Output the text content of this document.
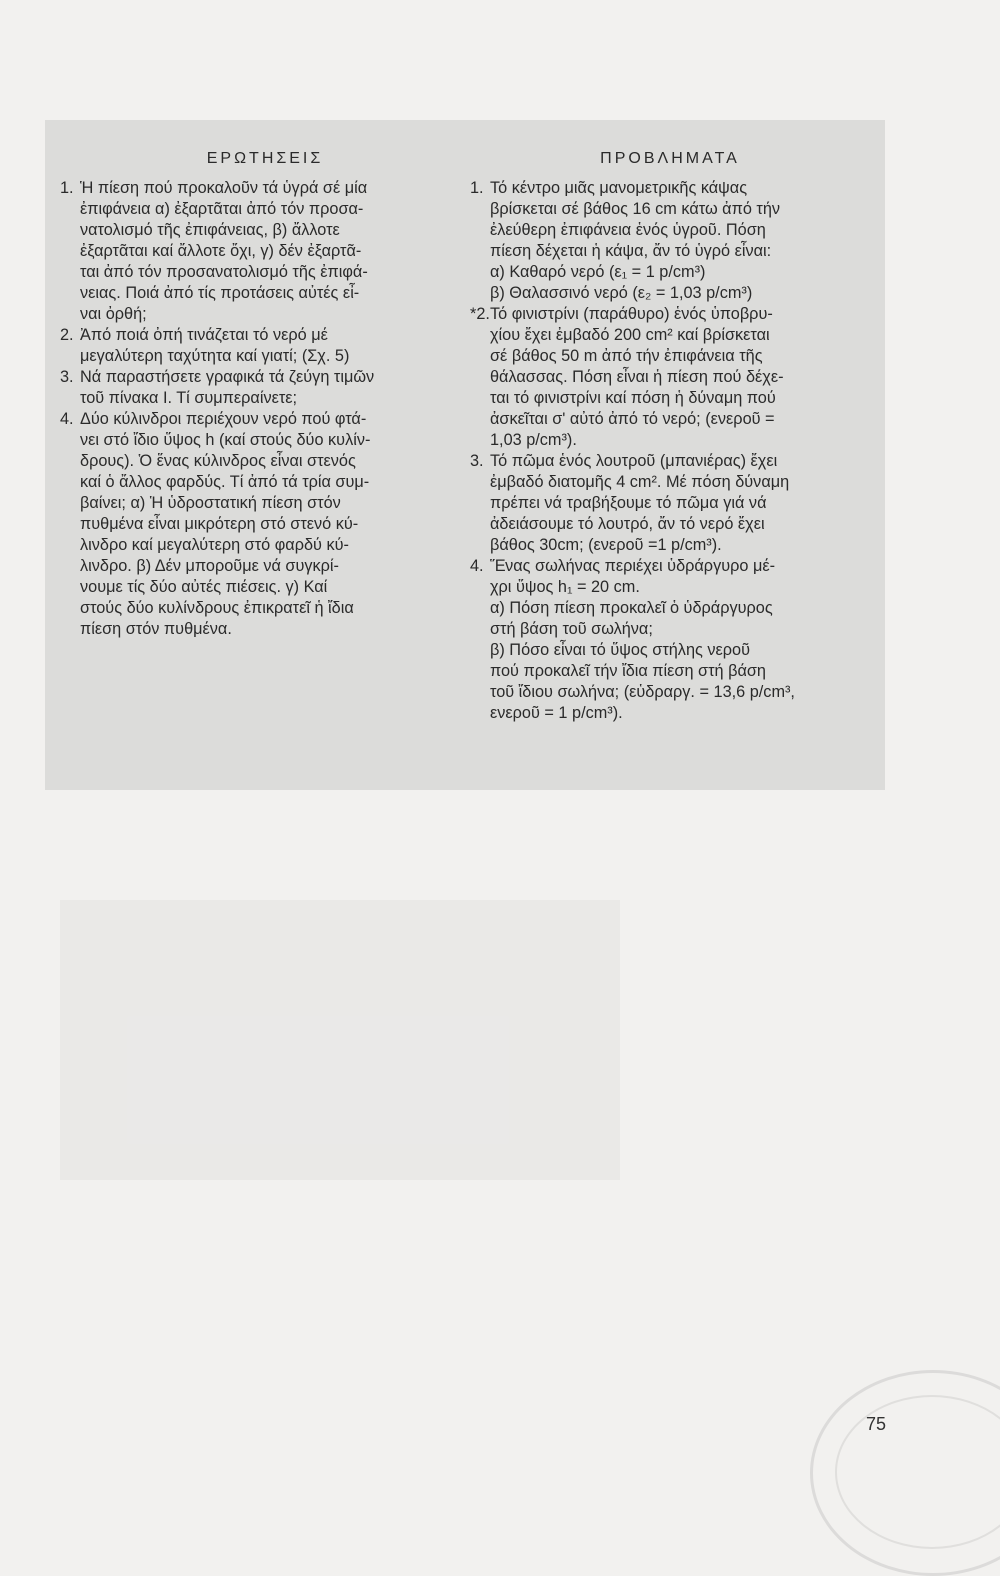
ΕΡΩΤΗΣΕΙΣ
1. Ἡ πίεση πού προκαλοῦν τά ὑγρά σέ μία

ἐπιφάνεια α) ἐξαρτᾶται ἀπό τόν προσα-

νατολισμό τῆς ἐπιφάνειας, β) ἄλλοτε

ἐξαρτᾶται καί ἄλλοτε ὄχι, γ) δέν ἐξαρτᾶ-

ται ἀπό τόν προσανατολισμό τῆς ἐπιφά-

νειας. Ποιά ἀπό τίς προτάσεις αὐτές εἶ-

ναι ὀρθή;

2. Ἀπό ποιά ὀπή τινάζεται τό νερό μέ

μεγαλύτερη ταχύτητα καί γιατί; (Σχ. 5)

3. Νά παραστήσετε γραφικά τά ζεύγη τιμῶν

τοῦ πίνακα Ι. Τί συμπεραίνετε;

4. Δύο κύλινδροι περιέχουν νερό πού φτά-

νει στό ἴδιο ὕψος h (καί στούς δύο κυλίν-

δρους). Ὁ ἕνας κύλινδρος εἶναι στενός

καί ὁ ἄλλος φαρδύς. Τί ἀπό τά τρία συμ-

βαίνει; α) Ἡ ὑδροστατική πίεση στόν

πυθμένα εἶναι μικρότερη στό στενό κύ-

λινδρο καί μεγαλύτερη στό φαρδύ κύ-

λινδρο. β) Δέν μποροῦμε νά συγκρί-

νουμε τίς δύο αὐτές πιέσεις. γ) Καί

στούς δύο κυλίνδρους ἐπικρατεῖ ἡ ἴδια

πίεση στόν πυθμένα.

ΠΡΟΒΛΗΜΑΤΑ
1. Τό κέντρο μιᾶς μανομετρικῆς κάψας

βρίσκεται σέ βάθος 16 cm κάτω ἀπό τήν

ἐλεύθερη ἐπιφάνεια ἑνός ὑγροῦ. Πόση

πίεση δέχεται ἡ κάψα, ἄν τό ὑγρό εἶναι:

α) Καθαρό νερό (ε₁ = 1 p/cm³)

β) Θαλασσινό νερό (ε₂ = 1,03 p/cm³)

*2. Τό φινιστρίνι (παράθυρο) ἑνός ὑποβρυ-

χίου ἔχει ἐμβαδό 200 cm² καί βρίσκεται

σέ βάθος 50 m ἀπό τήν ἐπιφάνεια τῆς

θάλασσας. Πόση εἶναι ἡ πίεση πού δέχε-

ται τό φινιστρίνι καί πόση ἡ δύναμη πού

ἀσκεῖται σ' αὐτό ἀπό τό νερό; (ενεροῦ =

1,03 p/cm³).

3. Τό πῶμα ἑνός λουτροῦ (μπανιέρας) ἔχει

ἐμβαδό διατομῆς 4 cm². Μέ πόση δύναμη

πρέπει νά τραβήξουμε τό πῶμα γιά νά

ἀδειάσουμε τό λουτρό, ἄν τό νερό ἔχει

βάθος 30cm; (ενεροῦ =1 p/cm³).

4. Ἕνας σωλήνας περιέχει ὑδράργυρο μέ-

χρι ὕψος h₁ = 20 cm.

α) Πόση πίεση προκαλεῖ ὁ ὑδράργυρος

στή βάση τοῦ σωλήνα;

β) Πόσο εἶναι τό ὕψος στήλης νεροῦ

πού προκαλεῖ τήν ἴδια πίεση στή βάση

τοῦ ἴδιου σωλήνα; (εὑδραργ. = 13,6 p/cm³,

ενεροῦ = 1 p/cm³).

75
